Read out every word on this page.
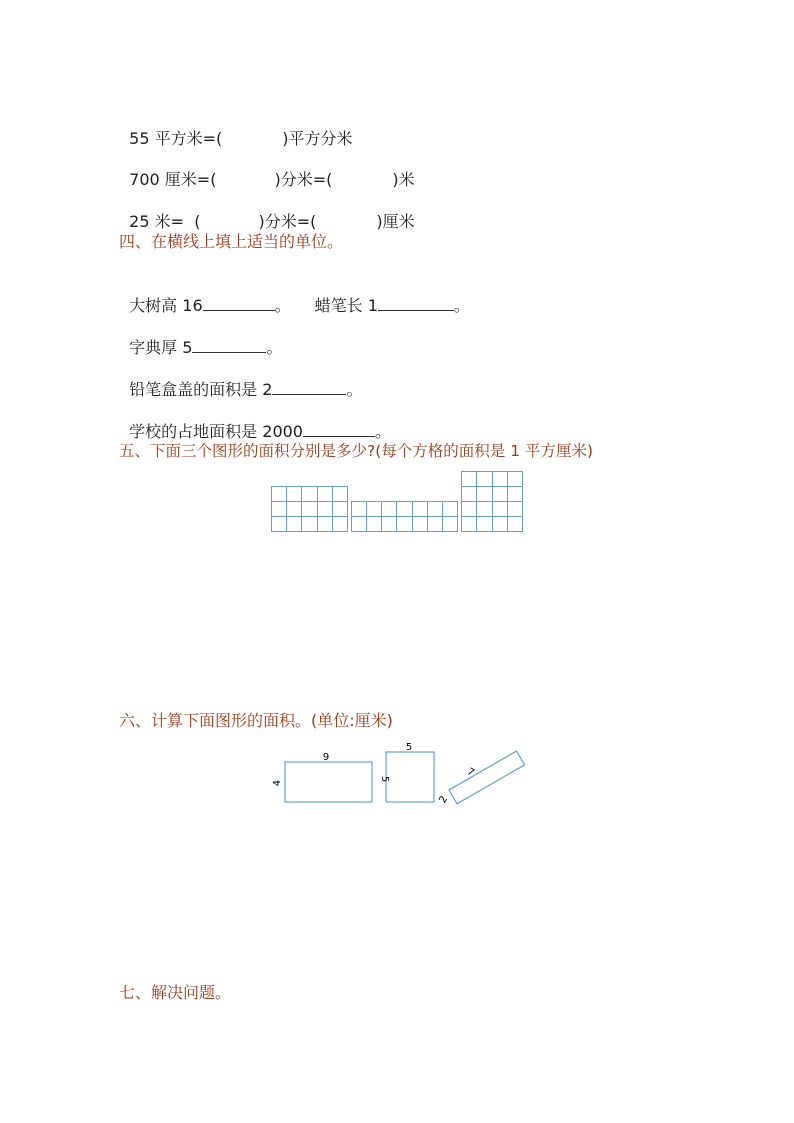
55 平方米=(	)平方分米

700 厘米=(	)分米=(	)米

25 米=  (	)分米=(	)厘米

四、在横线上填上适当的单位。

大树高 16	。 蜡笔长 1	。

字典厚 5	。

铅笔盒盖的面积是 2	。

学校的占地面积是 2000	。

五、下面三个图形的面积分别是多少?(每个方格的面积是 1 平方厘米)
六、计算下面图形的面积。(单位:厘米)
9
4
5
5	7
2
七、解决问题。
